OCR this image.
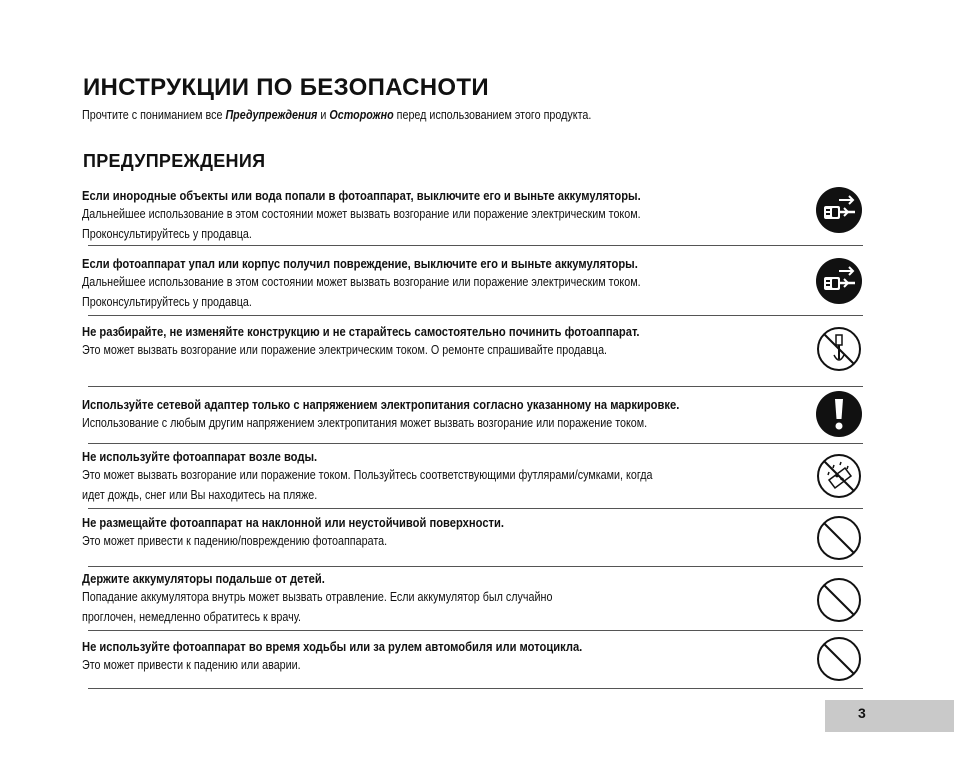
ИНСТРУКЦИИ ПО БЕЗОПАСНОТИ
Прочтите с пониманием все Предупреждения и Осторожно перед использованием этого продукта.
ПРЕДУПРЕЖДЕНИЯ
Если инородные объекты или вода попали в фотоаппарат, выключите его и выньте аккумуляторы.
Дальнейшее использование в этом состоянии может вызвать возгорание или поражение электрическим током.
Проконсультируйтесь у продавца.
Если фотоаппарат упал или корпус получил повреждение, выключите его и выньте аккумуляторы.
Дальнейшее использование в этом состоянии может вызвать возгорание или поражение электрическим током.
Проконсультируйтесь у продавца.
Не разбирайте, не изменяйте конструкцию и не старайтесь самостоятельно починить фотоаппарат.
Это может вызвать возгорание или поражение электрическим током. О ремонте спрашивайте продавца.
Используйте сетевой адаптер только с напряжением электропитания согласно указанному на маркировке.
Использование с любым другим напряжением электропитания может вызвать возгорание или поражение током.
Не используйте фотоаппарат возле воды.
Это может вызвать возгорание или поражение током. Пользуйтесь соответствующими футлярами/сумками, когда
идет дождь, снег или Вы находитесь на пляже.
Не размещайте фотоаппарат на наклонной или неустойчивой поверхности.
Это может привести к падению/повреждению фотоаппарата.
Держите аккумуляторы подальше от детей.
Попадание аккумулятора внутрь может вызвать отравление. Если аккумулятор был случайно
проглочен, немедленно обратитесь к врачу.
Не используйте фотоаппарат во время ходьбы или за рулем автомобиля или мотоцикла.
Это может привести к падению или аварии.
3
